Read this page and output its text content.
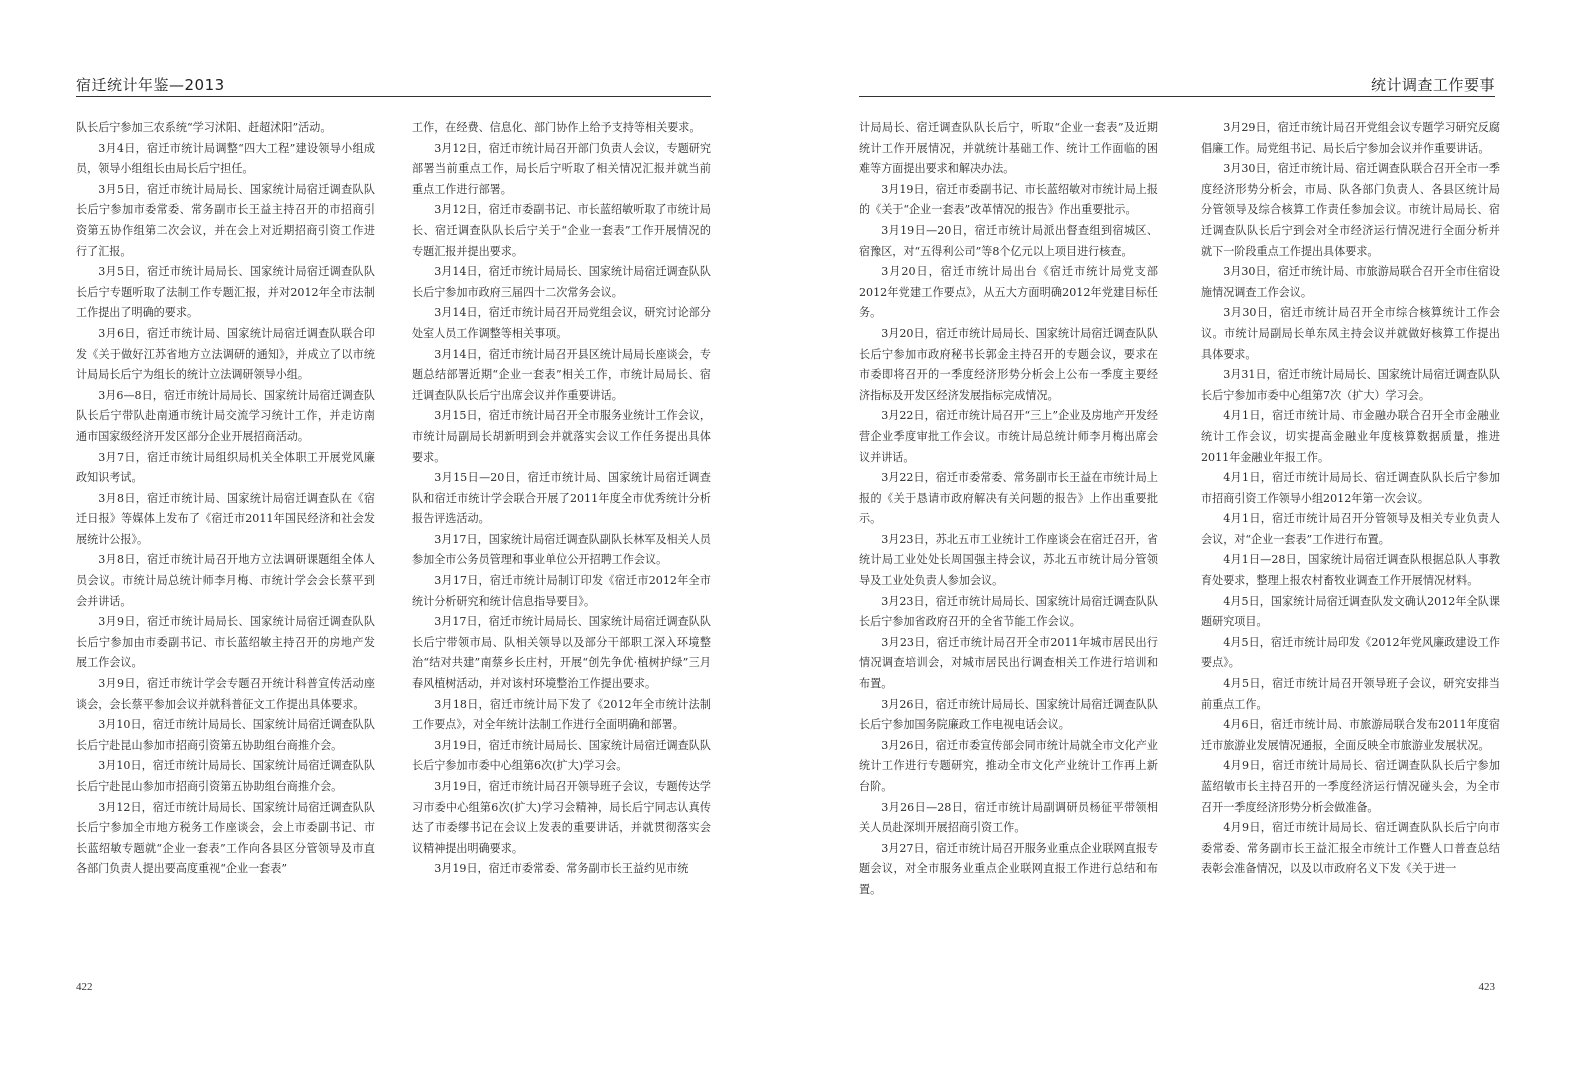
宿迁统计年鉴—2013

队长后宁参加三农系统“学习沭阳、赶超沭阳”活动。

3月4日，宿迁市统计局调整“四大工程”建设领导小组成员，领导小组组长由局长后宁担任。

3月5日，宿迁市统计局局长、国家统计局宿迁调查队队长后宁参加市委常委、常务副市长王益主持召开的市招商引资第五协作组第二次会议，并在会上对近期招商引资工作进行了汇报。

3月5日，宿迁市统计局局长、国家统计局宿迁调查队队长后宁专题听取了法制工作专题汇报，并对2012年全市法制工作提出了明确的要求。

3月6日，宿迁市统计局、国家统计局宿迁调查队联合印发《关于做好江苏省地方立法调研的通知》，并成立了以市统计局局长后宁为组长的统计立法调研领导小组。

3月6—8日，宿迁市统计局局长、国家统计局宿迁调查队队长后宁带队赴南通市统计局交流学习统计工作，并走访南通市国家级经济开发区部分企业开展招商活动。

3月7日，宿迁市统计局组织局机关全体职工开展党风廉政知识考试。

3月8日，宿迁市统计局、国家统计局宿迁调查队在《宿迁日报》等媒体上发布了《宿迁市2011年国民经济和社会发展统计公报》。

3月8日，宿迁市统计局召开地方立法调研课题组全体人员会议。市统计局总统计师李月梅、市统计学会会长蔡平到会并讲话。

3月9日，宿迁市统计局局长、国家统计局宿迁调查队队长后宁参加由市委副书记、市长蓝绍敏主持召开的房地产发展工作会议。

3月9日，宿迁市统计学会专题召开统计科普宣传活动座谈会，会长蔡平参加会议并就科普征文工作提出具体要求。

3月10日，宿迁市统计局局长、国家统计局宿迁调查队队长后宁赴昆山参加市招商引资第五协助组台商推介会。

3月10日，宿迁市统计局局长、国家统计局宿迁调查队队长后宁赴昆山参加市招商引资第五协助组台商推介会。

3月12日，宿迁市统计局局长、国家统计局宿迁调查队队长后宁参加全市地方税务工作座谈会，会上市委副书记、市长蓝绍敏专题就“企业一套表”工作向各县区分管领导及市直各部门负责人提出要高度重视“企业一套表”

工作，在经费、信息化、部门协作上给予支持等相关要求。

3月12日，宿迁市统计局召开部门负责人会议，专题研究部署当前重点工作，局长后宁听取了相关情况汇报并就当前重点工作进行部署。

3月12日，宿迁市委副书记、市长蓝绍敏听取了市统计局长、宿迁调查队队长后宁关于“企业一套表”工作开展情况的专题汇报并提出要求。

3月14日，宿迁市统计局局长、国家统计局宿迁调查队队长后宁参加市政府三届四十二次常务会议。

3月14日，宿迁市统计局召开局党组会议，研究讨论部分处室人员工作调整等相关事项。

3月14日，宿迁市统计局召开县区统计局局长座谈会，专题总结部署近期“企业一套表”相关工作，市统计局局长、宿迁调查队队长后宁出席会议并作重要讲话。

3月15日，宿迁市统计局召开全市服务业统计工作会议，市统计局副局长胡新明到会并就落实会议工作任务提出具体要求。

3月15日—20日，宿迁市统计局、国家统计局宿迁调查队和宿迁市统计学会联合开展了2011年度全市优秀统计分析报告评选活动。

3月17日，国家统计局宿迁调查队副队长林军及相关人员参加全市公务员管理和事业单位公开招聘工作会议。

3月17日，宿迁市统计局制订印发《宿迁市2012年全市统计分析研究和统计信息指导要目》。

3月17日，宿迁市统计局局长、国家统计局宿迁调查队队长后宁带领市局、队相关领导以及部分干部职工深入环境整治“结对共建”南蔡乡长庄村，开展“创先争优·植树护绿”三月春风植树活动，并对该村环境整治工作提出要求。

3月18日，宿迁市统计局下发了《2012年全市统计法制工作要点》，对全年统计法制工作进行全面明确和部署。

3月19日，宿迁市统计局局长、国家统计局宿迁调查队队长后宁参加市委中心组第6次(扩大)学习会。

3月19日，宿迁市统计局召开领导班子会议，专题传达学习市委中心组第6次(扩大)学习会精神，局长后宁同志认真传达了市委缪书记在会议上发表的重要讲话，并就贯彻落实会议精神提出明确要求。

3月19日，宿迁市委常委、常务副市长王益约见市统

422
统计调查工作要事

计局局长、宿迁调查队队长后宁，听取“企业一套表”及近期统计工作开展情况，并就统计基础工作、统计工作面临的困难等方面提出要求和解决办法。

3月19日，宿迁市委副书记、市长蓝绍敏对市统计局上报的《关于“企业一套表”改革情况的报告》作出重要批示。

3月19日—20日，宿迁市统计局派出督查组到宿城区、宿豫区，对“五得利公司”等8个亿元以上项目进行核查。

3月20日，宿迁市统计局出台《宿迁市统计局党支部2012年党建工作要点》，从五大方面明确2012年党建目标任务。

3月20日，宿迁市统计局局长、国家统计局宿迁调查队队长后宁参加市政府秘书长郭金主持召开的专题会议，要求在市委即将召开的一季度经济形势分析会上公布一季度主要经济指标及开发区经济发展指标完成情况。

3月22日，宿迁市统计局召开“三上”企业及房地产开发经营企业季度审批工作会议。市统计局总统计师李月梅出席会议并讲话。

3月22日，宿迁市委常委、常务副市长王益在市统计局上报的《关于恳请市政府解决有关问题的报告》上作出重要批示。

3月23日，苏北五市工业统计工作座谈会在宿迁召开，省统计局工业处处长周国强主持会议，苏北五市统计局分管领导及工业处负责人参加会议。

3月23日，宿迁市统计局局长、国家统计局宿迁调查队队长后宁参加省政府召开的全省节能工作会议。

3月23日，宿迁市统计局召开全市2011年城市居民出行情况调查培训会，对城市居民出行调查相关工作进行培训和布置。

3月26日，宿迁市统计局局长、国家统计局宿迁调查队队长后宁参加国务院廉政工作电视电话会议。

3月26日，宿迁市委宣传部会同市统计局就全市文化产业统计工作进行专题研究，推动全市文化产业统计工作再上新台阶。

3月26日—28日，宿迁市统计局副调研员杨征平带领相关人员赴深圳开展招商引资工作。

3月27日，宿迁市统计局召开服务业重点企业联网直报专题会议，对全市服务业重点企业联网直报工作进行总结和布置。

3月29日，宿迁市统计局召开党组会议专题学习研究反腐倡廉工作。局党组书记、局长后宁参加会议并作重要讲话。

3月30日，宿迁市统计局、宿迁调查队联合召开全市一季度经济形势分析会，市局、队各部门负责人、各县区统计局分管领导及综合核算工作责任参加会议。市统计局局长、宿迁调查队队长后宁到会对全市经济运行情况进行全面分析并就下一阶段重点工作提出具体要求。

3月30日，宿迁市统计局、市旅游局联合召开全市住宿设施情况调查工作会议。

3月30日，宿迁市统计局召开全市综合核算统计工作会议。市统计局副局长单东凤主持会议并就做好核算工作提出具体要求。

3月31日，宿迁市统计局局长、国家统计局宿迁调查队队长后宁参加市委中心组第7次（扩大）学习会。

4月1日，宿迁市统计局、市金融办联合召开全市金融业统计工作会议，切实提高金融业年度核算数据质量，推进2011年金融业年报工作。

4月1日，宿迁市统计局局长、宿迁调查队队长后宁参加市招商引资工作领导小组2012年第一次会议。

4月1日，宿迁市统计局召开分管领导及相关专业负责人会议，对“企业一套表”工作进行布置。

4月1日—28日，国家统计局宿迁调查队根据总队人事教育处要求，整理上报农村畜牧业调查工作开展情况材料。

4月5日，国家统计局宿迁调查队发文确认2012年全队课题研究项目。

4月5日，宿迁市统计局印发《2012年党风廉政建设工作要点》。

4月5日，宿迁市统计局召开领导班子会议，研究安排当前重点工作。

4月6日，宿迁市统计局、市旅游局联合发布2011年度宿迁市旅游业发展情况通报，全面反映全市旅游业发展状况。

4月9日，宿迁市统计局局长、宿迁调查队队长后宁参加蓝绍敏市长主持召开的一季度经济运行情况碰头会，为全市召开一季度经济形势分析会做准备。

4月9日，宿迁市统计局局长、宿迁调查队队长后宁向市委常委、常务副市长王益汇报全市统计工作暨人口普查总结表彰会准备情况，以及以市政府名义下发《关于进一

423
